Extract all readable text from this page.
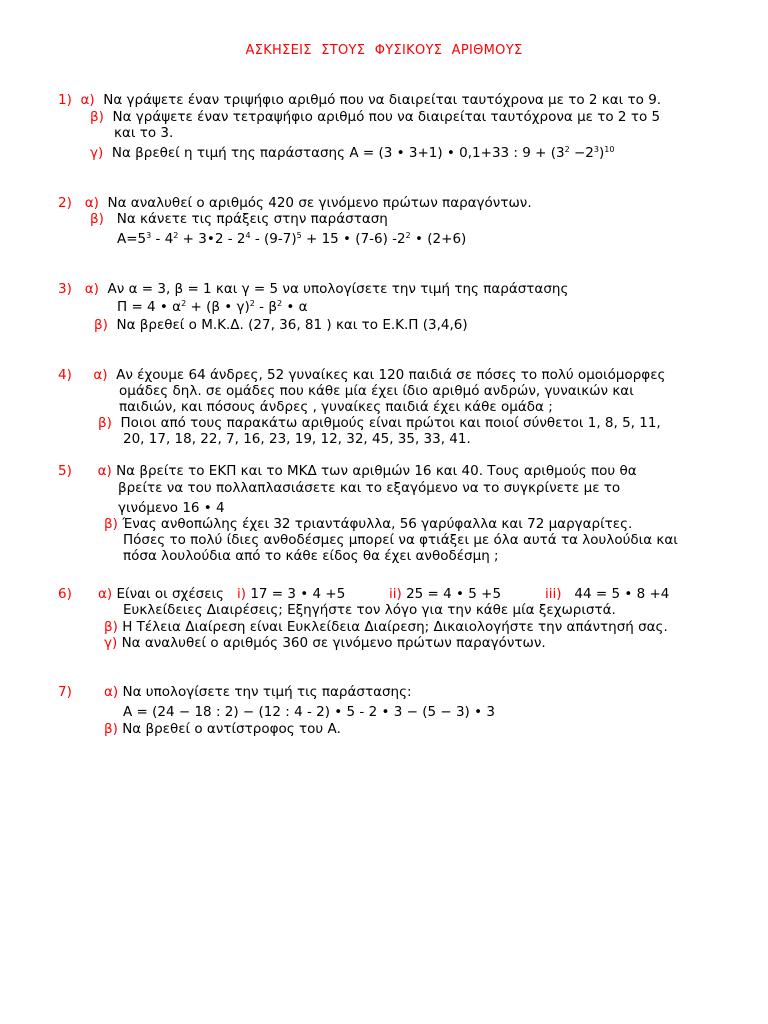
ΑΣΚΗΣΕΙΣ ΣΤΟΥΣ ΦΥΣΙΚΟΥΣ ΑΡΙΘΜΟΥΣ
1) α) Να γράψετε έναν τριψήφιο αριθμό που να διαιρείται ταυτόχρονα με το 2 και το 9.
β) Να γράψετε έναν τετραψήφιο αριθμό που να διαιρείται ταυτόχρονα με το 2 το 5
και το 3.
γ) Να βρεθεί η τιμή της παράστασης Α = (3 • 3+1) • 0,1+33 : $9 + (3^2 -2^3)^{10}$
2) α) Να αναλυθεί ο αριθμός 420 σε γινόμενο πρώτων παραγόντων.
β) Να κάνετε τις πράξεις στην παράσταση
$A=5^3 - 4^2$ + 3•2 - $2^4 - (9-7)^5 + 15$ • (7-6) $-2^2$ • (2+6)
3) α) Αν α = 3, β = 1 και γ = 5 να υπολογίσετε την τιμή της παράστασης
Π = 4 • $\alpha^2 + (\beta$ • $\gamma)^2 - \beta^2$ • α
β) Να βρεθεί ο Μ.Κ.Δ. (27, 36, 81 ) και το Ε.Κ.Π (3,4,6)
4) α) Αν έχουμε 64 άνδρες, 52 γυναίκες και 120 παιδιά σε πόσες το πολύ ομοιόμορφες
ομάδες δηλ. σε ομάδες που κάθε μία έχει ίδιο αριθμό ανδρών, γυναικών και
παιδιών, και πόσους άνδρες , γυναίκες παιδιά έχει κάθε ομάδα ;
β) Ποιοι από τους παρακάτω αριθμούς είναι πρώτοι και ποιοί σύνθετοι 1, 8, 5, 11,
20, 17, 18, 22, 7, 16, 23, 19, 12, 32, 45, 35, 33, 41.
5) α) Να βρείτε το ΕΚΠ και το ΜΚΔ των αριθμών 16 και 40. Τους αριθμούς που θα
βρείτε να του πολλαπλασιάσετε και το εξαγόμενο να το συγκρίνετε με το
γινόμενο 16 • 4
β) Ένας ανθοπώλης έχει 32 τριαντάφυλλα, 56 γαρύφαλλα και 72 μαργαρίτες.
Πόσες το πολύ ίδιες ανθοδέσμες μπορεί να φτιάξει με όλα αυτά τα λουλούδια και
πόσα λουλούδια από το κάθε είδος θα έχει ανθοδέσμη ;
6) α) Είναι οι σχέσεις i) 17 = 3 • 4 +5	ii) 25 = 4 • 5 +5	iii) 44 = 5 • 8 +4
Ευκλείδειες Διαιρέσεις; Εξηγήστε τον λόγο για την κάθε μία ξεχωριστά.
β) Η Τέλεια Διαίρεση είναι Ευκλείδεια Διαίρεση; Δικαιολογήστε την απάντησή σας.
γ) Να αναλυθεί ο αριθμός 360 σε γινόμενο πρώτων παραγόντων.
7) α) Να υπολογίσετε την τιμή τις παράστασης:
Α = (24 − 18 : 2) − (12 : 4 - 2) • 5 - 2 • 3 − (5 − 3) • 3
β) Να βρεθεί ο αντίστροφος του Α.
